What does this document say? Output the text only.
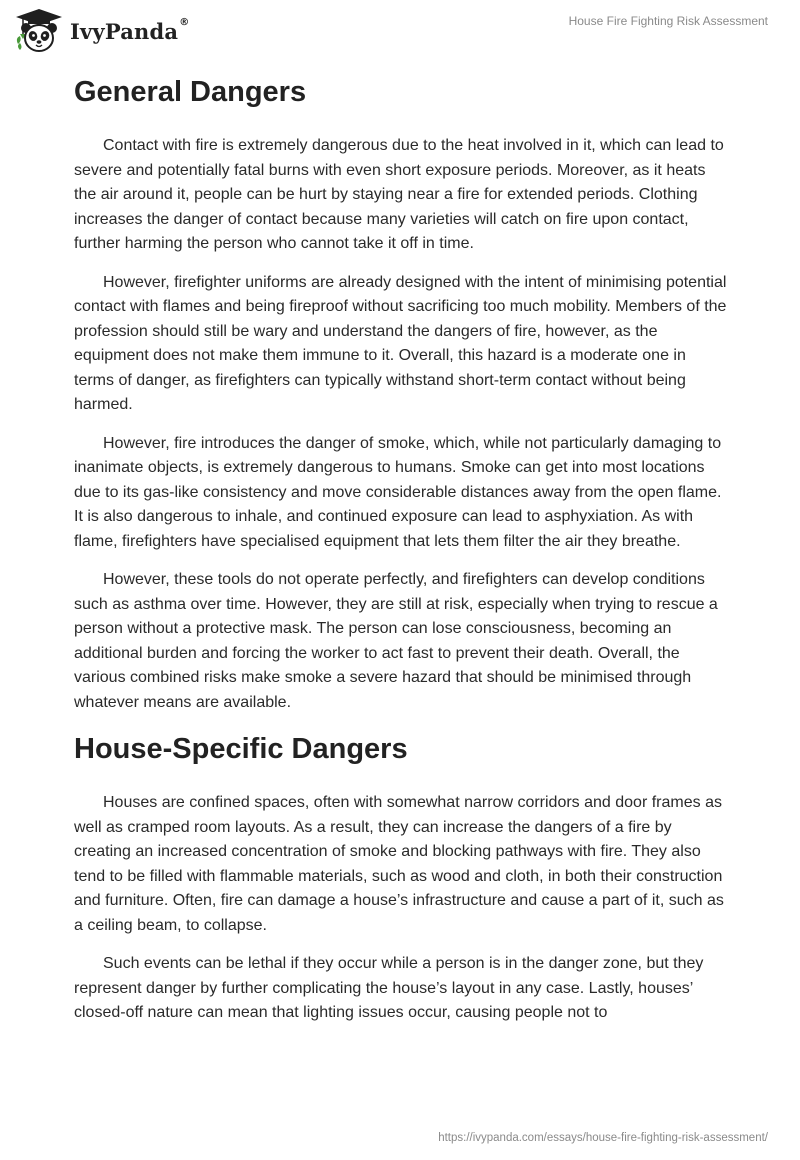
IvyPanda®	House Fire Fighting Risk Assessment
General Dangers

Contact with fire is extremely dangerous due to the heat involved in it, which can lead to severe and potentially fatal burns with even short exposure periods. Moreover, as it heats the air around it, people can be hurt by staying near a fire for extended periods. Clothing increases the danger of contact because many varieties will catch on fire upon contact, further harming the person who cannot take it off in time.

However, firefighter uniforms are already designed with the intent of minimising potential contact with flames and being fireproof without sacrificing too much mobility. Members of the profession should still be wary and understand the dangers of fire, however, as the equipment does not make them immune to it. Overall, this hazard is a moderate one in terms of danger, as firefighters can typically withstand short-term contact without being harmed.

However, fire introduces the danger of smoke, which, while not particularly damaging to inanimate objects, is extremely dangerous to humans. Smoke can get into most locations due to its gas-like consistency and move considerable distances away from the open flame. It is also dangerous to inhale, and continued exposure can lead to asphyxiation. As with flame, firefighters have specialised equipment that lets them filter the air they breathe.

However, these tools do not operate perfectly, and firefighters can develop conditions such as asthma over time. However, they are still at risk, especially when trying to rescue a person without a protective mask. The person can lose consciousness, becoming an additional burden and forcing the worker to act fast to prevent their death. Overall, the various combined risks make smoke a severe hazard that should be minimised through whatever means are available.

House-Specific Dangers

Houses are confined spaces, often with somewhat narrow corridors and door frames as well as cramped room layouts. As a result, they can increase the dangers of a fire by creating an increased concentration of smoke and blocking pathways with fire. They also tend to be filled with flammable materials, such as wood and cloth, in both their construction and furniture. Often, fire can damage a house’s infrastructure and cause a part of it, such as a ceiling beam, to collapse.

Such events can be lethal if they occur while a person is in the danger zone, but they represent danger by further complicating the house’s layout in any case. Lastly, houses’ closed-off nature can mean that lighting issues occur, causing people not to

https://ivypanda.com/essays/house-fire-fighting-risk-assessment/
